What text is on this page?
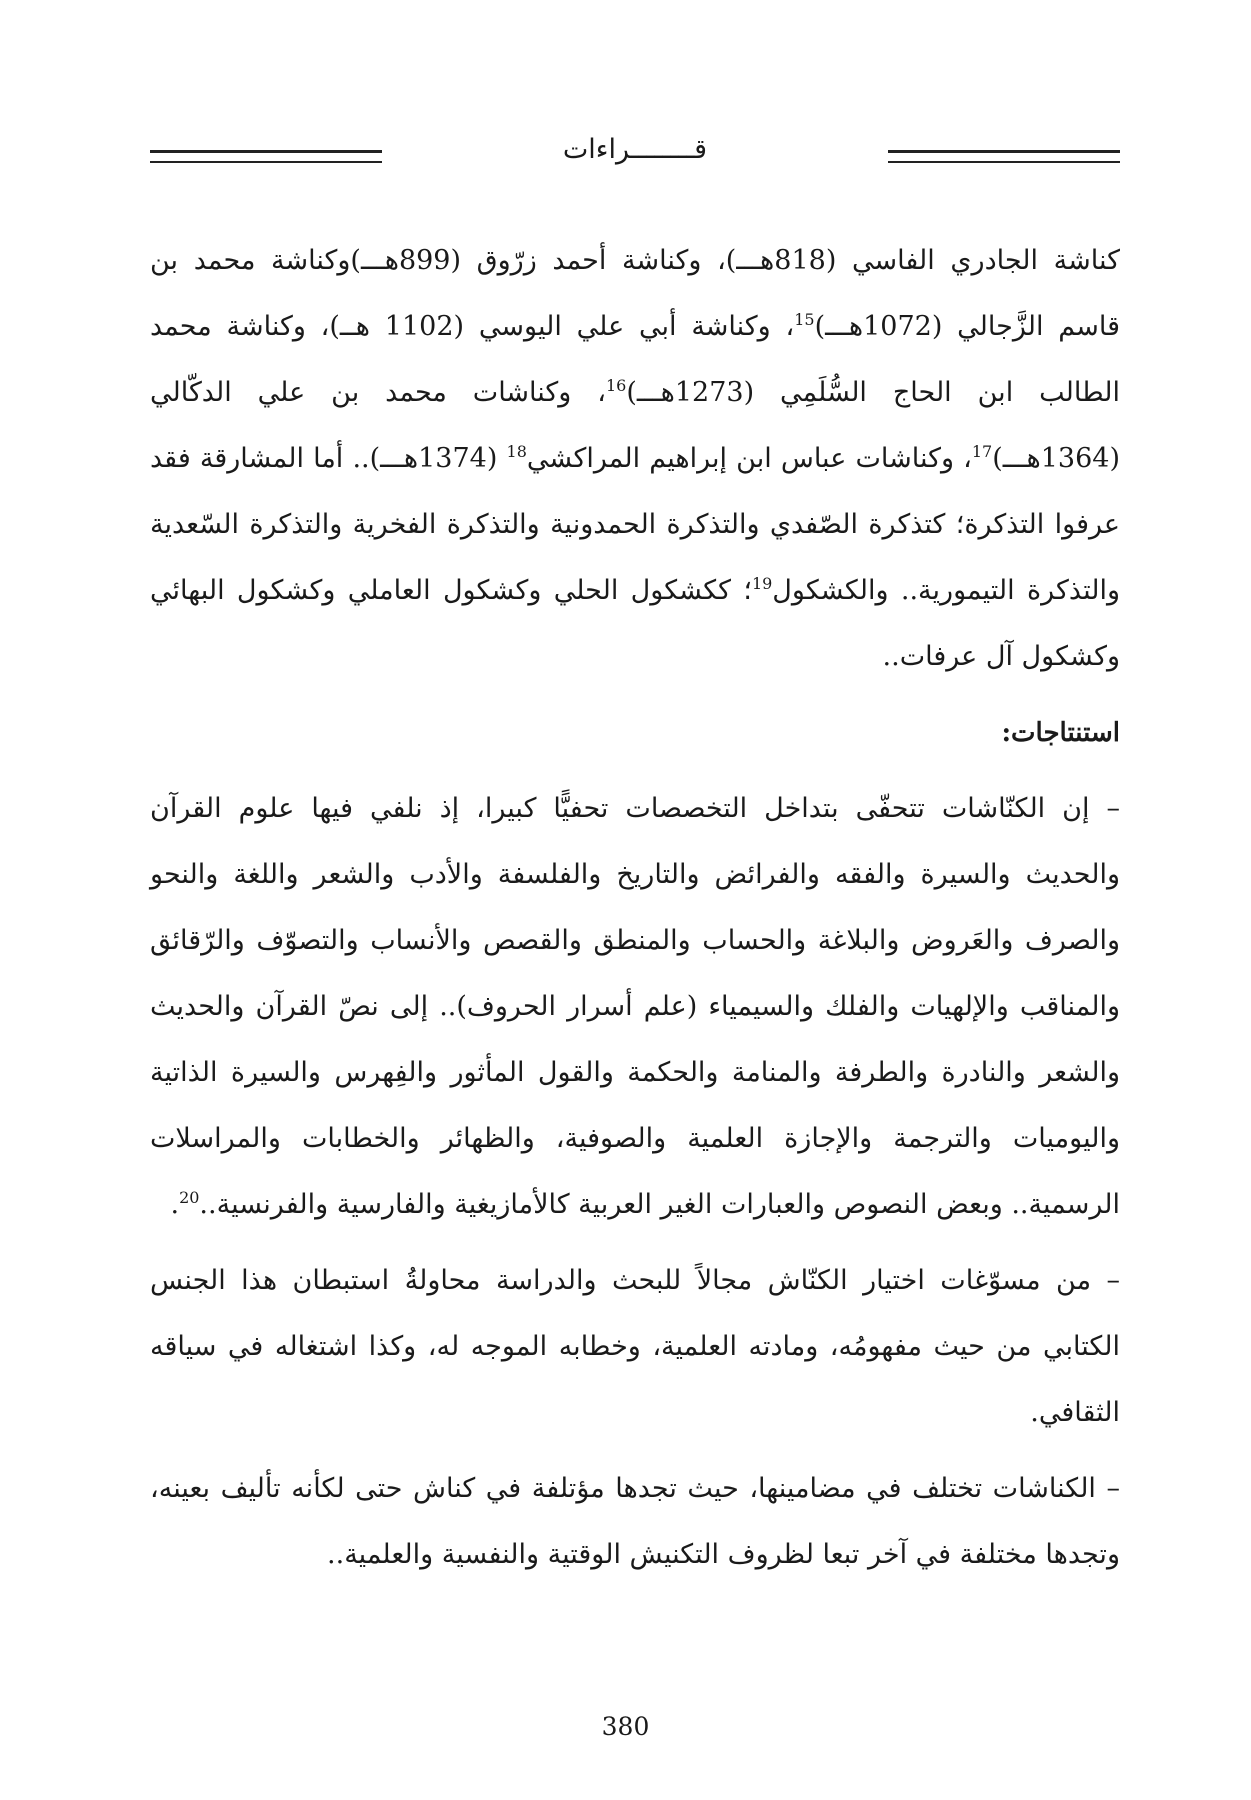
قــــــــراءات

كناشة الجادري الفاسي (818هـــ)، وكناشة أحمد زرّوق (899هـــ)وكناشة محمد بن قاسم الزَّجالي (1072هـــ)$^{15}$، وكناشة أبي علي اليوسي (1102 هــ)، وكناشة محمد الطالب ابن الحاج السُّلَمِي (1273هـــ)$^{16}$، وكناشات محمد بن علي الدكّالي (1364هـــ)$^{17}$، وكناشات عباس ابن إبراهيم المراكشي$^{18}$ (1374هـــ).. أما المشارقة فقد عرفوا التذكرة؛ كتذكرة الصّفدي والتذكرة الحمدونية والتذكرة الفخرية والتذكرة السّعدية والتذكرة التيمورية.. والكشكول$^{19}$؛ ككشكول الحلي وكشكول العاملي وكشكول البهائي وكشكول آل عرفات..

استنتاجات:

– إن الكنّاشات تتحفّى بتداخل التخصصات تحفيًّا كبيرا، إذ نلفي فيها علوم القرآن والحديث والسيرة والفقه والفرائض والتاريخ والفلسفة والأدب والشعر واللغة والنحو والصرف والعَروض والبلاغة والحساب والمنطق والقصص والأنساب والتصوّف والرّقائق والمناقب والإلهيات والفلك والسيمياء (علم أسرار الحروف).. إلى نصّ القرآن والحديث والشعر والنادرة والطرفة والمنامة والحكمة والقول المأثور والفِهرس والسيرة الذاتية واليوميات والترجمة والإجازة العلمية والصوفية، والظهائر والخطابات والمراسلات الرسمية.. وبعض النصوص والعبارات الغير العربية كالأمازيغية والفارسية والفرنسية..$^{20}$.

– من مسوّغات اختيار الكنّاش مجالاً للبحث والدراسة محاولةُ استبطان هذا الجنس الكتابي من حيث مفهومُه، ومادته العلمية، وخطابه الموجه له، وكذا اشتغاله في سياقه الثقافي.

– الكناشات تختلف في مضامينها، حيث تجدها مؤتلفة في كناش حتى لكأنه تأليف بعينه، وتجدها مختلفة في آخر تبعا لظروف التكنيش الوقتية والنفسية والعلمية..

380
